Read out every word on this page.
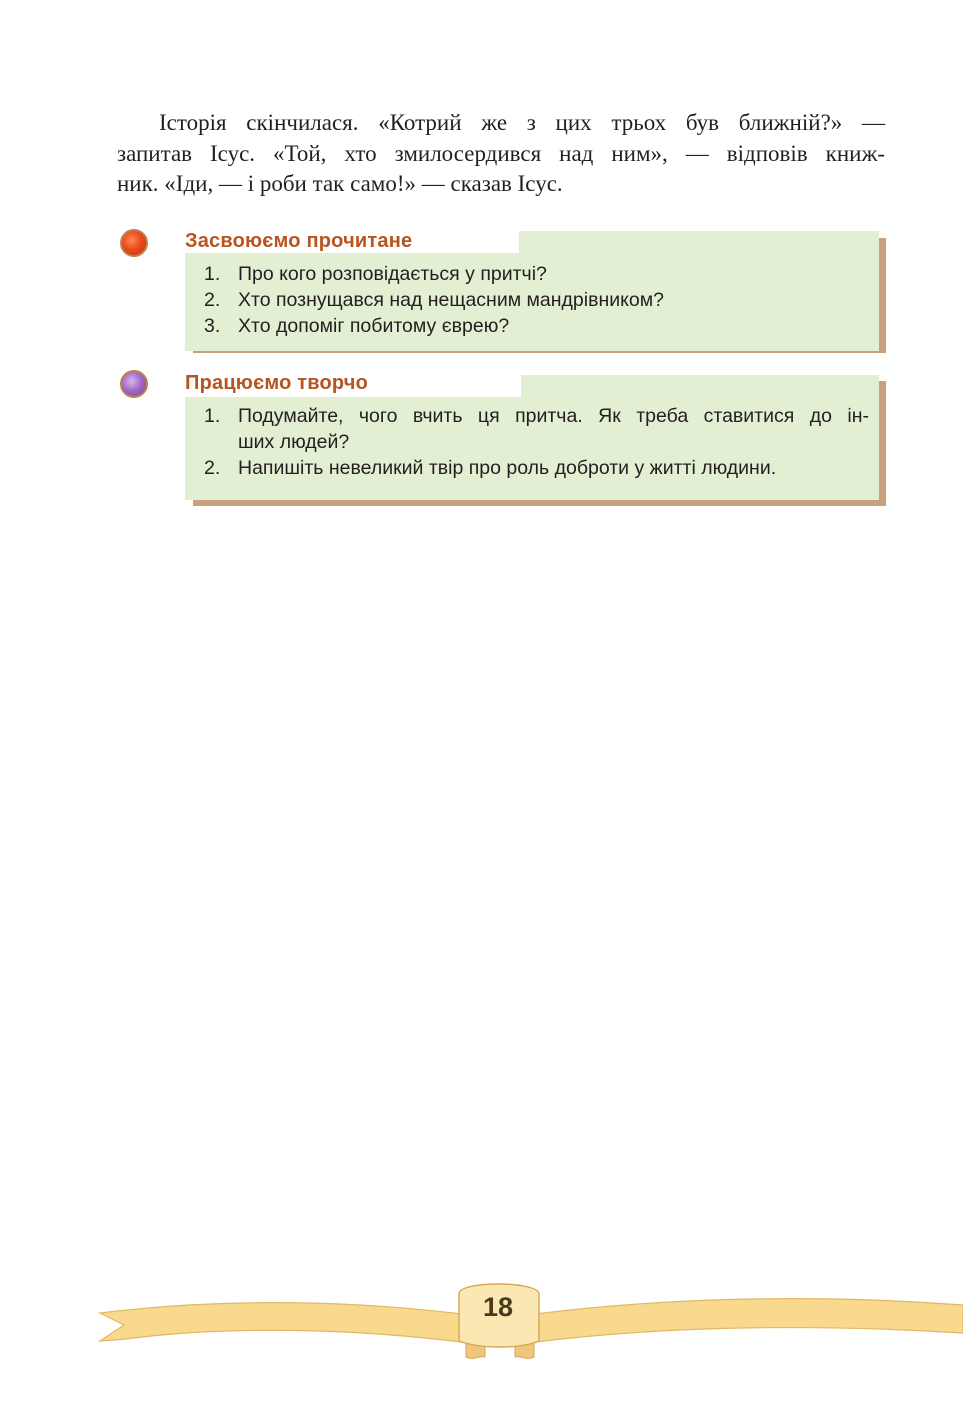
Історія скінчилася. «Котрий же з цих трьох був ближній?» —
запитав Ісус. «Той, хто змилосердився над ним», — відповів книж-
ник. «Іди, — і роби так само!» — сказав Ісус.

Засвоюємо прочитане
1. Про кого розповідається у притчі?
2. Хто познущався над нещасним мандрівником?
3. Хто допоміг побитому єврею?
Працюємо творчо
1. Подумайте, чого вчить ця притча. Як треба ставитися до ін-
ших людей?
2. Напишіть невеликий твір про роль доброти у житті людини.
18
